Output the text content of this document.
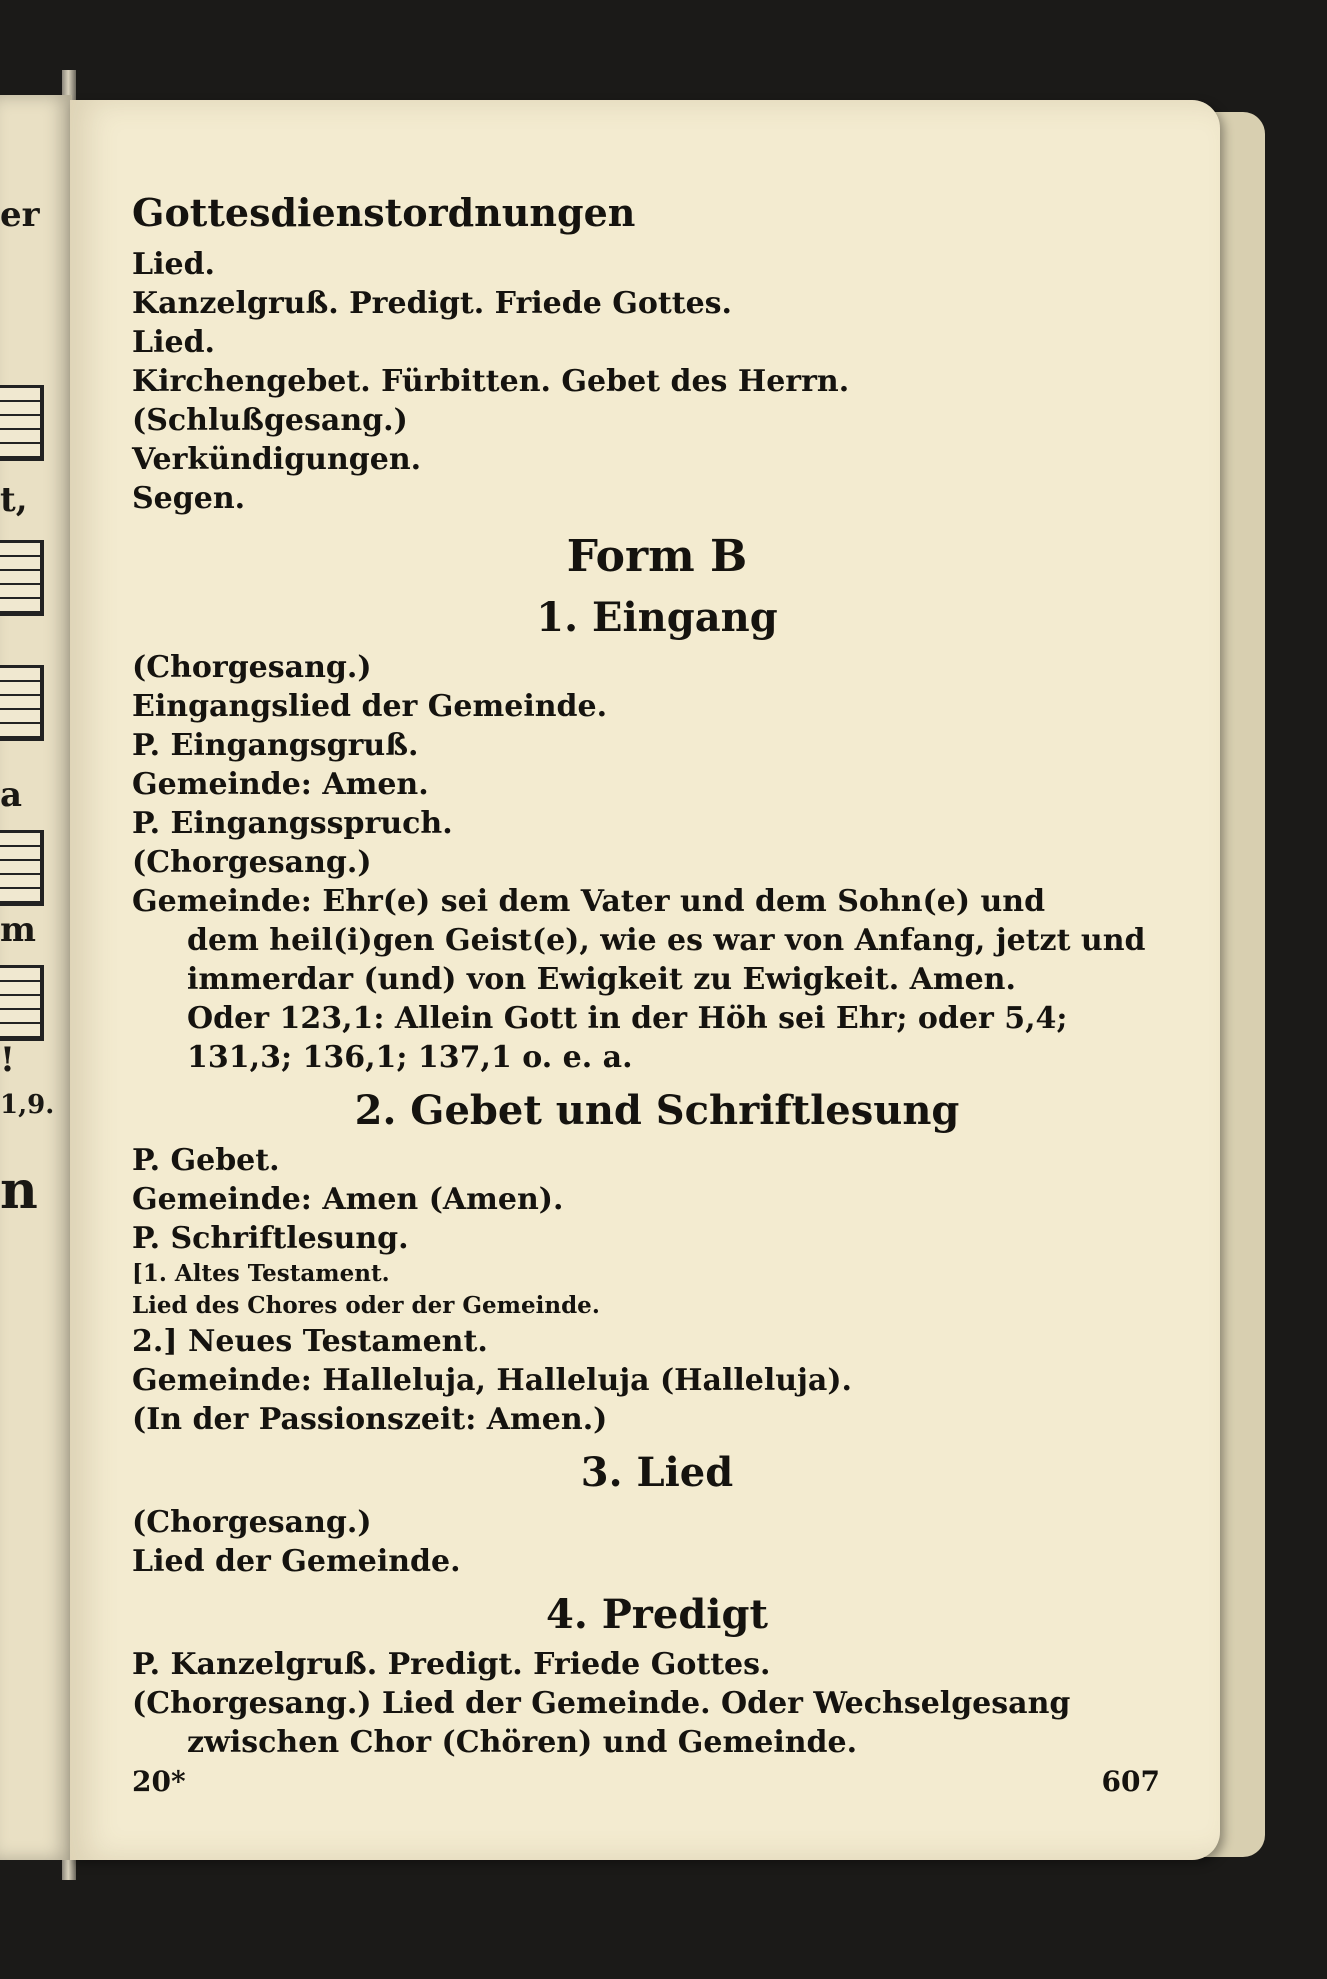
er
t,
a
m
!
1,9.
n
Gottesdienstordnungen
Lied.
Kanzelgruß. Predigt. Friede Gottes.
Lied.
Kirchengebet. Fürbitten. Gebet des Herrn.
(Schlußgesang.)
Verkündigungen.
Segen.
Form B
1. Eingang
(Chorgesang.)
Eingangslied der Gemeinde.
P. Eingangsgruß.
Gemeinde: Amen.
P. Eingangsspruch.
(Chorgesang.)
Gemeinde: Ehr(e) sei dem Vater und dem Sohn(e) und
dem heil(i)gen Geist(e), wie es war von Anfang, jetzt und
immerdar (und) von Ewigkeit zu Ewigkeit. Amen.
Oder 123,1: Allein Gott in der Höh sei Ehr; oder 5,4;
131,3; 136,1; 137,1 o. e. a.
2. Gebet und Schriftlesung
P. Gebet.
Gemeinde: Amen (Amen).
P. Schriftlesung.
[1. Altes Testament.
Lied des Chores oder der Gemeinde.
2.] Neues Testament.
Gemeinde: Halleluja, Halleluja (Halleluja).
(In der Passionszeit: Amen.)
3. Lied
(Chorgesang.)
Lied der Gemeinde.
4. Predigt
P. Kanzelgruß. Predigt. Friede Gottes.
(Chorgesang.) Lied der Gemeinde. Oder Wechselgesang
zwischen Chor (Chören) und Gemeinde.
20*	607
